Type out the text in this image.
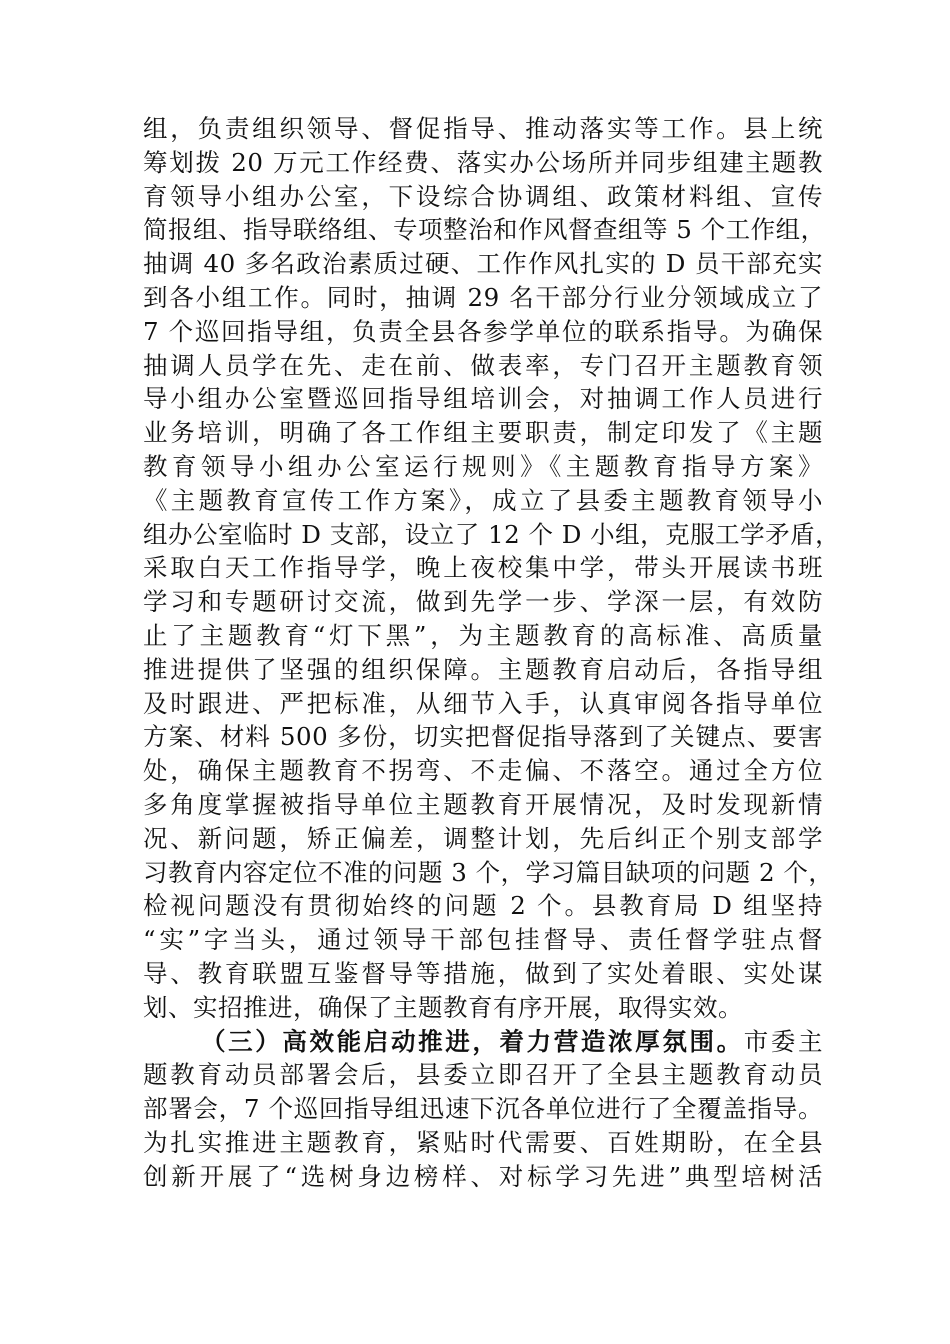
组，负责组织领导、督促指导、推动落实等工作。县上统
筹划拨 20 万元工作经费、落实办公场所并同步组建主题教
育领导小组办公室，下设综合协调组、政策材料组、宣传
简报组、指导联络组、专项整治和作风督查组等 5 个工作组，
抽调 40 多名政治素质过硬、工作作风扎实的 D 员干部充实
到各小组工作。同时，抽调 29 名干部分行业分领域成立了
7 个巡回指导组，负责全县各参学单位的联系指导。为确保
抽调人员学在先、走在前、做表率，专门召开主题教育领
导小组办公室暨巡回指导组培训会，对抽调工作人员进行
业务培训，明确了各工作组主要职责，制定印发了《主题
教育领导小组办公室运行规则》《主题教育指导方案》
《主题教育宣传工作方案》，成立了县委主题教育领导小
组办公室临时 D 支部，设立了 12 个 D 小组，克服工学矛盾，
采取白天工作指导学，晚上夜校集中学，带头开展读书班
学习和专题研讨交流，做到先学一步、学深一层，有效防
止了主题教育“灯下黑”，为主题教育的高标准、高质量
推进提供了坚强的组织保障。主题教育启动后，各指导组
及时跟进、严把标准，从细节入手，认真审阅各指导单位
方案、材料 500 多份，切实把督促指导落到了关键点、要害
处，确保主题教育不拐弯、不走偏、不落空。通过全方位
多角度掌握被指导单位主题教育开展情况，及时发现新情
况、新问题，矫正偏差，调整计划，先后纠正个别支部学
习教育内容定位不准的问题 3 个，学习篇目缺项的问题 2 个，
检视问题没有贯彻始终的问题 2 个。县教育局 D 组坚持
“实”字当头，通过领导干部包挂督导、责任督学驻点督
导、教育联盟互鉴督导等措施，做到了实处着眼、实处谋
划、实招推进，确保了主题教育有序开展，取得实效。
（三）高效能启动推进，着力营造浓厚氛围。市委主
题教育动员部署会后，县委立即召开了全县主题教育动员
部署会，7 个巡回指导组迅速下沉各单位进行了全覆盖指导。
为扎实推进主题教育，紧贴时代需要、百姓期盼，在全县
创新开展了“选树身边榜样、对标学习先进”典型培树活
